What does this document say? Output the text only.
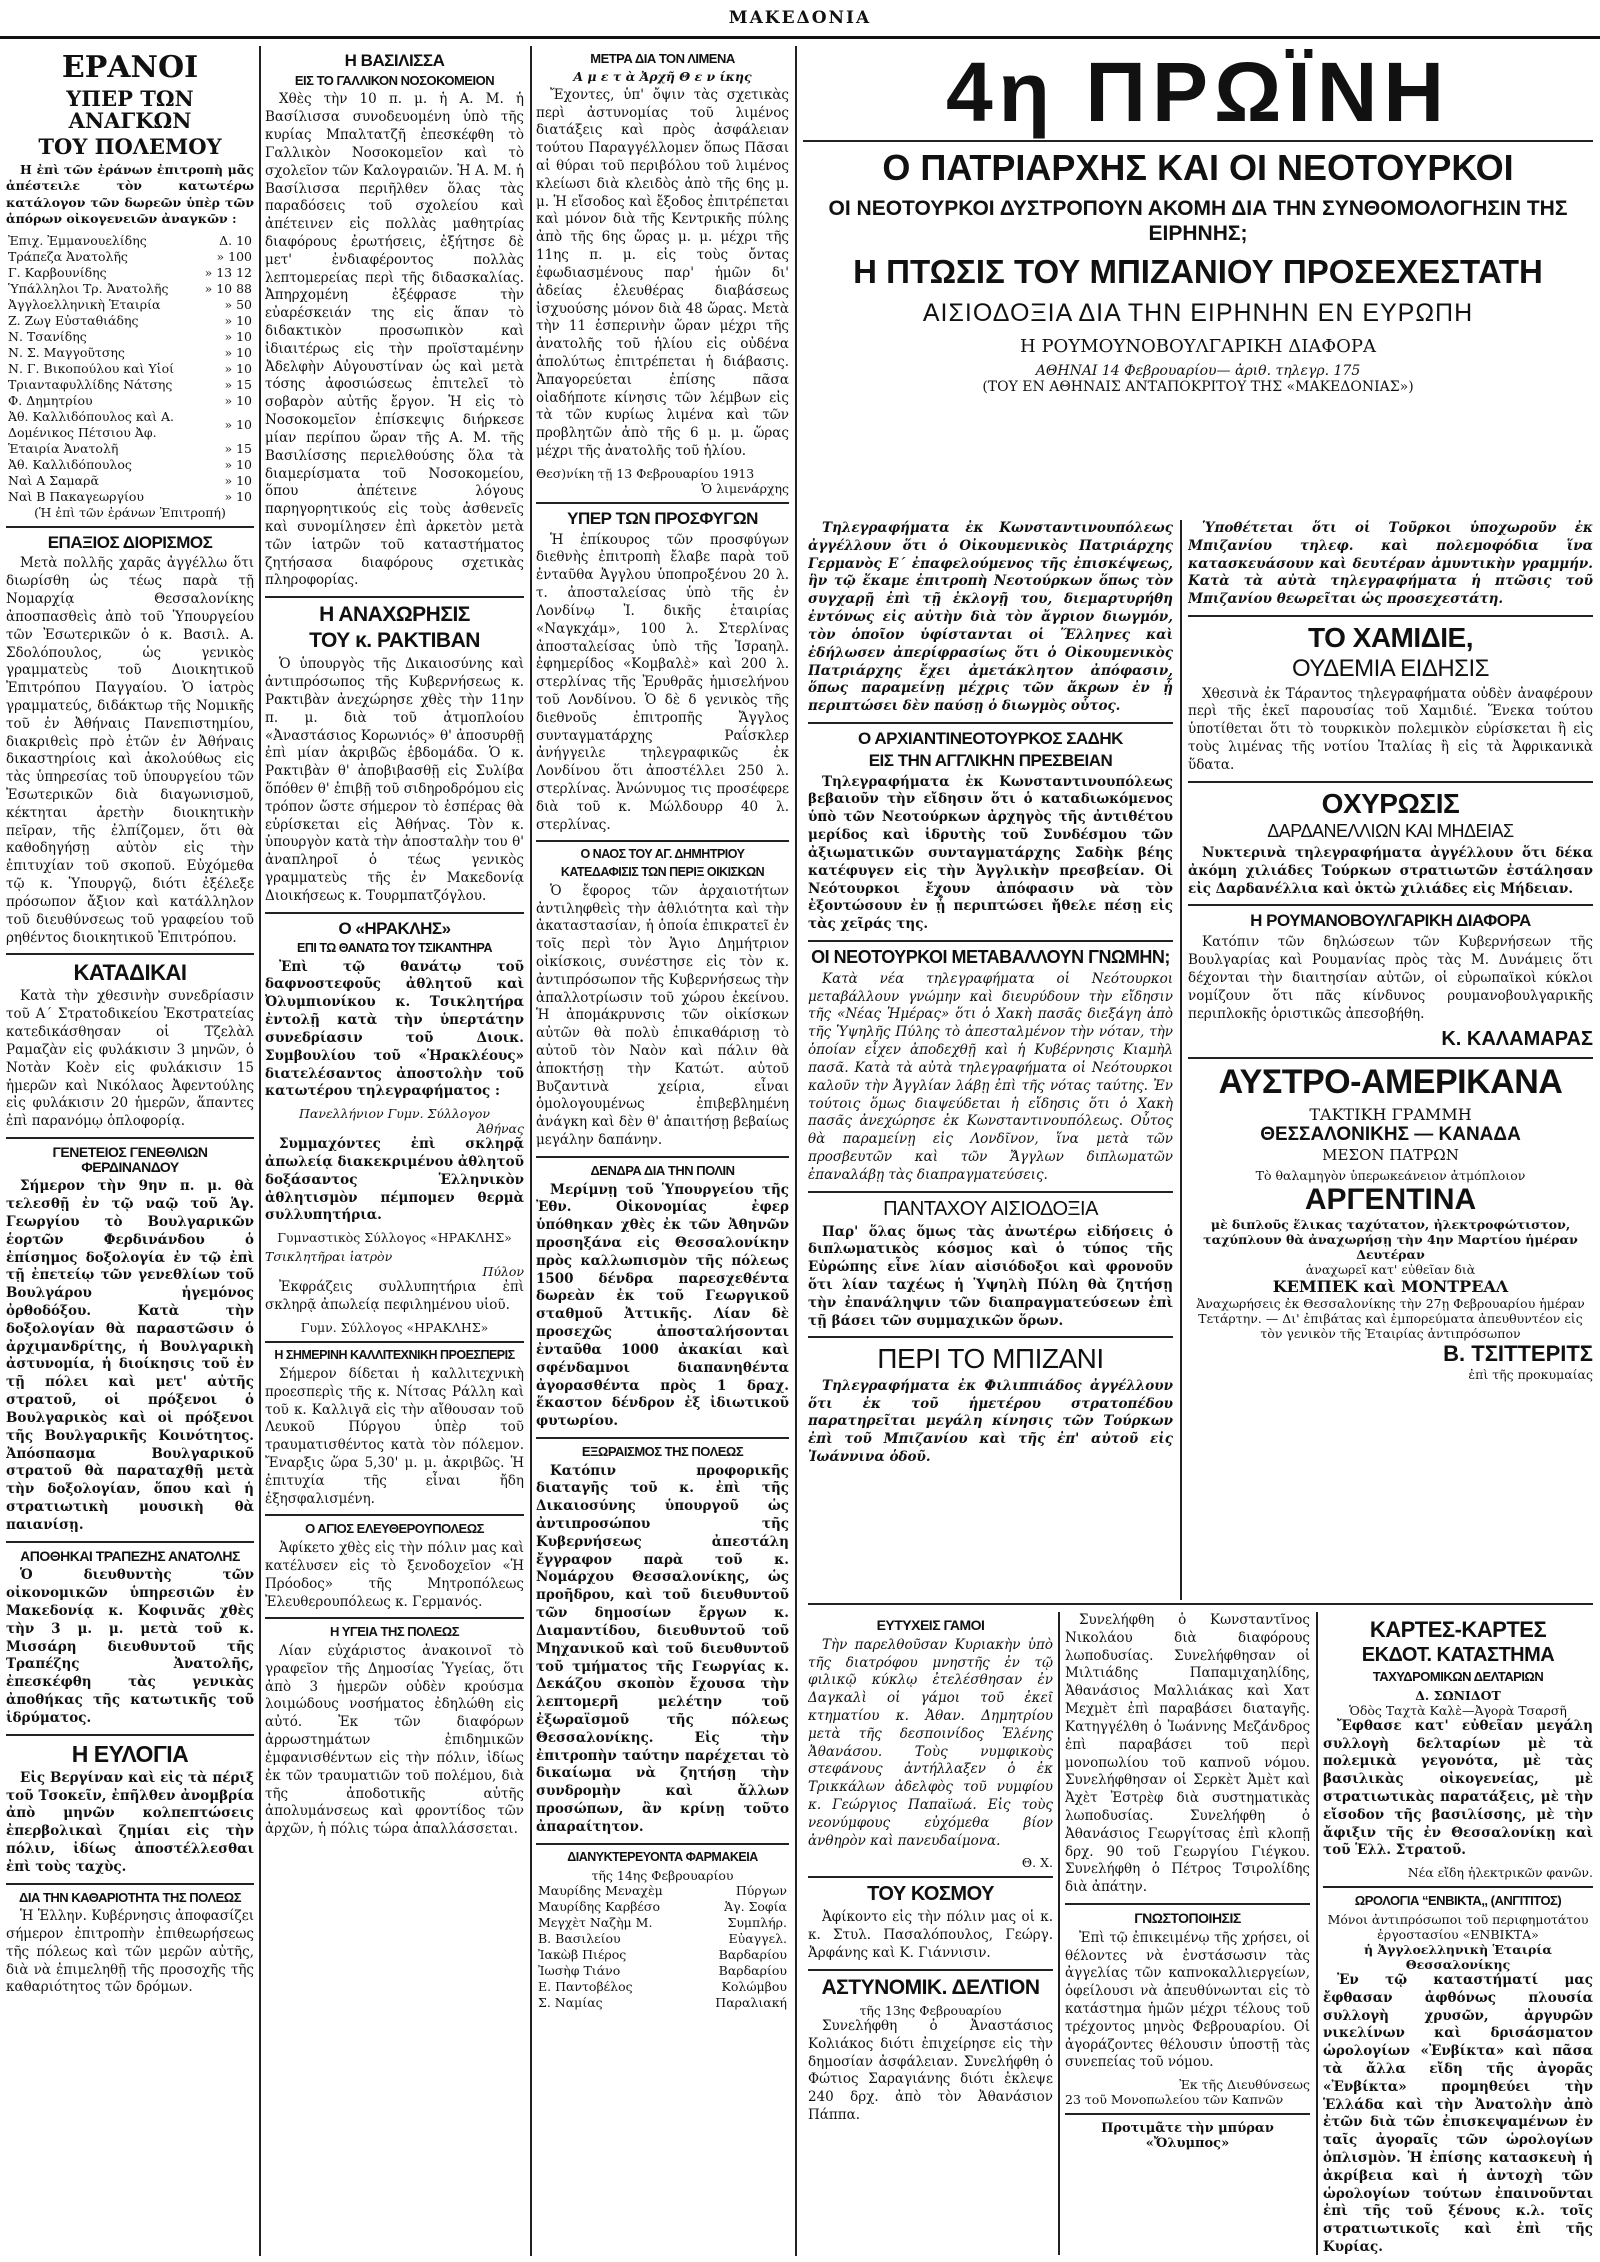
ΜΑΚΕΔΟΝΙΑ
ΕΡΑΝΟΙ
ΥΠΕΡ ΤΩΝ ΑΝΑΓΚΩΝ
ΤΟΥ ΠΟΛΕΜΟΥ

Η ἐπὶ τῶν ἐράνων ἐπιτροπὴ μᾶς ἀπέστειλε τὸν κατωτέρω κατάλογον τῶν δωρεῶν ὑπὲρ τῶν ἀπόρων οἰκογενειῶν ἀναγκῶν :

Ἐπιχ. Ἐμμανουελίδης	Δ. 10
Τράπεζα Ἀνατολῆς	» 100
Γ. Καρβουνίδης	» 13 12
Ὑπάλληλοι Τρ. Ἀνατολῆς	» 10 88
Ἀγγλοελληνικὴ Ἑταιρία	» 50
Ζ. Ζωγ Εὐσταθιάδης	» 10
Ν. Τσανίδης	» 10
Ν. Σ. Μαγγοῦτσης	» 10
Ν. Γ. Βικοπούλου καὶ Υἱοί	» 10
Τριανταφυλλίδης Νάτσης	» 15
Φ. Δημητρίου	» 10
Ἀθ. Καλλιδόπουλος καὶ Α. Δομένικος Πέτσιου Ἀφ.	» 10
Ἑταιρία Ἀνατολῆ	» 15
Ἀθ. Καλλιδόπουλος	» 10
Ναὶ Α Σαμαρᾶ	» 10
Ναὶ Β Πακαγεωργίου	» 10
(Ἡ ἐπὶ τῶν ἐράνων Ἐπιτροπή)
ΕΠΑΞΙΟΣ ΔΙΟΡΙΣΜΟΣ

Μετὰ πολλῆς χαρᾶς ἀγγέλλω ὅτι διωρίσθη ὡς τέως παρὰ τῇ Νομαρχίᾳ Θεσσαλονίκης ἀποσπασθεὶς ἀπὸ τοῦ Ὑπουργείου τῶν Ἐσωτερικῶν ὁ κ. Βασιλ. Α. Σδολόπουλος, ὡς γενικὸς γραμματεὺς τοῦ Διοικητικοῦ Ἐπιτρόπου Παγγαίου. Ὁ ἱατρὸς γραμματεύς, διδάκτωρ τῆς Νομικῆς τοῦ ἐν Ἀθήναις Πανεπιστημίου, διακριθεὶς πρὸ ἐτῶν ἐν Ἀθήναις δικαστηρίοις καὶ ἀκολούθως εἰς τὰς ὑπηρεσίας τοῦ ὑπουργείου τῶν Ἐσωτερικῶν διὰ διαγωνισμοῦ, κέκτηται ἀρετὴν διοικητικὴν πεῖραν, τῆς ἐλπίζομεν, ὅτι θὰ καθοδηγήσῃ αὐτὸν εἰς τὴν ἐπιτυχίαν τοῦ σκοποῦ. Εὐχόμεθα τῷ κ. Ὑπουργῷ, διότι ἐξέλεξε πρόσωπον ἄξιον καὶ κατάλληλον τοῦ διευθύνσεως τοῦ γραφείου τοῦ ρηθέντος διοικητικοῦ Ἐπιτρόπου.

ΚΑΤΑΔΙΚΑΙ

Κατὰ τὴν χθεσινὴν συνεδρίασιν τοῦ Α΄ Στρατοδικείου Ἐκστρατείας κατεδικάσθησαν οἱ Τζελὰλ Ραμαζὰν εἰς φυλάκισιν 3 μηνῶν, ὁ Νοτὰν Κοὲν εἰς φυλάκισιν 15 ἡμερῶν καὶ Νικόλαος Ἀφεντούλης εἰς φυλάκισιν 20 ἡμερῶν, ἅπαντες ἐπὶ παρανόμῳ ὁπλοφορίᾳ.

ΓΕΝΕΤΕΙΟΣ ΓΕΝΕΘΛΙΩΝ ΦΕΡΔΙΝΑΝΔΟΥ

Σήμερον τὴν 9ην π. μ. θὰ τελεσθῇ ἐν τῷ ναῷ τοῦ Ἁγ. Γεωργίου τὸ Βουλγαρικῶν ἑορτῶν Φερδινάνδου ὁ ἐπίσημος δοξολογία ἐν τῷ ἐπὶ τῇ ἐπετείῳ τῶν γενεθλίων τοῦ Βουλγάρου ἡγεμόνος ὀρθοδόξου. Κατὰ τὴν δοξολογίαν θὰ παραστῶσιν ὁ ἀρχιμανδρίτης, ἡ Βουλγαρικὴ ἀστυνομία, ἡ διοίκησις τοῦ ἐν τῇ πόλει καὶ μετ' αὐτῆς στρατοῦ, οἱ πρόξενοι ὁ Βουλγαρικὸς καὶ οἱ πρόξενοι τῆς Βουλγαρικῆς Κοινότητος. Ἀπόσπασμα Βουλγαρικοῦ στρατοῦ θὰ παραταχθῇ μετὰ τὴν δοξολογίαν, ὅπου καὶ ἡ στρατιωτικὴ μουσικὴ θὰ παιανίσῃ.

ΑΠΟΘΗΚΑΙ ΤΡΑΠΕΖΗΣ ΑΝΑΤΟΛΗΣ

Ὁ διευθυντὴς τῶν οἰκονομικῶν ὑπηρεσιῶν ἐν Μακεδονίᾳ κ. Κοφινᾶς χθὲς τὴν 3 μ. μ. μετὰ τοῦ κ. Μισσάρη διευθυντοῦ τῆς Τραπέζης Ἀνατολῆς, ἐπεσκέφθη τὰς γενικὰς ἀποθήκας τῆς κατωτικῆς τοῦ ἱδρύματος.

Η ΕΥΛΟΓΙΑ

Εἰς Βεργίναν καὶ εἰς τὰ πέριξ τοῦ Τσοκεῖν, ἐπῆλθεν ἀνομβρία ἀπὸ μηνῶν κολπεπτώσεις ἐπερβολικαὶ ζημίαι εἰς τὴν πόλιν, ἰδίως ἀποστέλλεσθαι ἐπὶ τοὺς ταχὺς.

ΔΙΑ ΤΗΝ ΚΑΘΑΡΙΟΤΗΤΑ ΤΗΣ ΠΟΛΕΩΣ

Ἡ Ἑλλην. Κυβέρνησις ἀποφασίζει σήμερον ἐπιτροπὴν ἐπιθεωρήσεως τῆς πόλεως καὶ τῶν μερῶν αὐτῆς, διὰ νὰ ἐπιμεληθῇ τῆς προσοχῆς τῆς καθαριότητος τῶν δρόμων.

Η ΒΑΣΙΛΙΣΣΑ
ΕΙΣ ΤΟ ΓΑΛΛΙΚΟΝ ΝΟΣΟΚΟΜΕΙΟΝ

Χθὲς τὴν 10 π. μ. ἡ Α. Μ. ἡ Βασίλισσα συνοδευομένη ὑπὸ τῆς κυρίας Μπαλτατζῆ ἐπεσκέφθη τὸ Γαλλικὸν Νοσοκομεῖον καὶ τὸ σχολεῖον τῶν Καλογραιῶν. Ἡ Α. Μ. ἡ Βασίλισσα περιῆλθεν ὅλας τὰς παραδόσεις τοῦ σχολείου καὶ ἀπέτεινεν εἰς πολλὰς μαθητρίας διαφόρους ἐρωτήσεις, ἐξήτησε δὲ μετ' ἐνδιαφέροντος πολλὰς λεπτομερείας περὶ τῆς διδασκαλίας. Ἀπηρχομένη ἐξέφρασε τὴν εὐαρέσκειάν της εἰς ἅπαν τὸ διδακτικὸν προσωπικὸν καὶ ἰδιαιτέρως εἰς τὴν προϊσταμένην Ἀδελφὴν Αὐγουστίναν ὡς καὶ μετὰ τόσης ἀφοσιώσεως ἐπιτελεῖ τὸ σοβαρὸν αὐτῆς ἔργον. Ἡ εἰς τὸ Νοσοκομεῖον ἐπίσκεψις διήρκεσε μίαν περίπου ὥραν τῆς Α. Μ. τῆς Βασιλίσσης περιελθούσης ὅλα τὰ διαμερίσματα τοῦ Νοσοκομείου, ὅπου ἀπέτεινε λόγους παρηγορητικούς εἰς τοὺς ἀσθενεῖς καὶ συνομίλησεν ἐπὶ ἀρκετὸν μετὰ τῶν ἱατρῶν τοῦ καταστήματος ζητήσασα διαφόρους σχετικὰς πληροφορίας.

Η ΑΝΑΧΩΡΗΣΙΣ
ΤΟΥ κ. ΡΑΚΤΙΒΑΝ

Ὁ ὑπουργὸς τῆς Δικαιοσύνης καὶ ἀντιπρόσωπος τῆς Κυβερνήσεως κ. Ρακτιβὰν ἀνεχώρησε χθὲς τὴν 11ην π. μ. διὰ τοῦ ἀτμοπλοίου «Ἀναστάσιος Κορωνιός» θ' ἀποσυρθῇ ἐπὶ μίαν ἀκριβῶς ἑβδομάδα. Ὁ κ. Ρακτιβὰν θ' ἀποβιβασθῇ εἰς Συλίβα ὅπόθεν θ' ἐπιβῇ τοῦ σιδηροδρόμου εἰς τρόπον ὥστε σήμερον τὸ ἑσπέρας θὰ εὑρίσκεται εἰς Ἀθήνας. Τὸν κ. ὑπουργὸν κατὰ τὴν ἀποσταλὴν του θ' ἀναπληροῖ ὁ τέως γενικὸς γραμματεὺς τῆς ἐν Μακεδονίᾳ Διοικήσεως κ. Τουρμπατζόγλου.

Ο «ΗΡΑΚΛΗΣ»
ΕΠΙ ΤΩ ΘΑΝΑΤΩ ΤΟΥ ΤΣΙΚΑΝΤΗΡΑ

Ἐπὶ τῷ θανάτῳ τοῦ δαφνοστεφοῦς ἀθλητοῦ καὶ Ὀλυμπιονίκου κ. Τσικλητήρα ἐντολῇ κατὰ τὴν ὑπερτάτην συνεδρίασιν τοῦ Διοικ. Συμβουλίου τοῦ «Ἡρακλέους» διατελέσαντος ἀποστολὴν τοῦ κατωτέρου τηλεγραφήματος :

Πανελλήνιον Γυμν. Σύλλογον
Ἀθήνας

Συμμαχόντες ἐπὶ σκληρᾷ ἀπωλείᾳ διακεκριμένου ἀθλητοῦ δοξάσαντος Ἑλληνικὸν ἀθλητισμὸν πέμπομεν θερμὰ συλλυπητήρια.

Γυμναστικὸς Σύλλογος «ΗΡΑΚΛΗΣ»
Τσικλητῆραι ἱατρὸν
Πύλον

Ἐκφράζεις συλλυπητήρια ἐπὶ σκληρᾷ ἀπωλείᾳ πεφιλημένου υἱοῦ.

Γυμν. Σύλλογος «ΗΡΑΚΛΗΣ»
Η ΣΗΜΕΡΙΝΗ ΚΑΛΛΙΤΕΧΝΙΚΗ ΠΡΟΕΣΠΕΡΙΣ

Σήμερον δίδεται ἡ καλλιτεχνικὴ προεσπερὶς τῆς κ. Νίτσας Ράλλη καὶ τοῦ κ. Καλλιγᾶ εἰς τὴν αἴθουσαν τοῦ Λευκοῦ Πύργου ὑπὲρ τοῦ τραυματισθέντος κατὰ τὸν πόλεμον. Ἔναρξις ὥρα 5,30' μ. μ. ἀκριβῶς. Ἡ ἐπιτυχία τῆς εἶναι ἤδη ἐξησφαλισμένη.

Ο ΑΓΙΟΣ ΕΛΕΥΘΕΡΟΥΠΟΛΕΩΣ

Ἀφίκετο χθὲς εἰς τὴν πόλιν μας καὶ κατέλυσεν εἰς τὸ ξενοδοχεῖον «Ἡ Πρόοδος» τῆς Μητροπόλεως Ἐλευθερουπόλεως κ. Γερμανός.

Η ΥΓΕΙΑ ΤΗΣ ΠΟΛΕΩΣ

Λίαν εὐχάριστος ἀνακοινοῖ τὸ γραφεῖον τῆς Δημοσίας Ὑγείας, ὅτι ἀπὸ 3 ἡμερῶν οὐδὲν κρούσμα λοιμώδους νοσήματος ἐδηλώθη εἰς αὐτό. Ἐκ τῶν διαφόρων ἀρρωστημάτων ἐπιδημικῶν ἐμφανισθέντων εἰς τὴν πόλιν, ἰδίως ἐκ τῶν τραυματιῶν τοῦ πολέμου, διὰ τῆς ἀποδοτικῆς αὐτῆς ἀπολυμάνσεως καὶ φροντίδος τῶν ἀρχῶν, ἡ πόλις τώρα ἀπαλλάσσεται.

ΜΕΤΡΑ ΔΙΑ ΤΟΝ ΛΙΜΕΝΑ
Α μ ε τ ὰ Ἀρχῆ Θ ε ν ίκης

Ἔχοντες, ὑπ' ὄψιν τὰς σχετικὰς περὶ ἀστυνομίας τοῦ λιμένος διατάξεις καὶ πρὸς ἀσφάλειαν τούτου Παραγγέλλομεν ὅπως Πᾶσαι αἱ θύραι τοῦ περιβόλου τοῦ λιμένος κλείωσι διὰ κλειδὸς ἀπὸ τῆς 6ης μ. μ. Ἡ εἴσοδος καὶ ἔξοδος ἐπιτρέπεται καὶ μόνον διὰ τῆς Κεντρικῆς πύλης ἀπὸ τῆς 6ης ὥρας μ. μ. μέχρι τῆς 11ης π. μ. εἰς τοὺς ὄντας ἐφωδιασμένους παρ' ἡμῶν δι' ἀδείας ἐλευθέρας διαβάσεως ἰσχυούσης μόνον διὰ 48 ὥρας. Μετὰ τὴν 11 ἑσπερινὴν ὥραν μέχρι τῆς ἀνατολῆς τοῦ ἡλίου εἰς οὐδένα ἀπολύτως ἐπιτρέπεται ἡ διάβασις. Ἀπαγορεύεται ἐπίσης πᾶσα οἰαδήποτε κίνησις τῶν λέμβων εἰς τὰ τῶν κυρίως λιμένα καὶ τῶν προβλητῶν ἀπὸ τῆς 6 μ. μ. ὥρας μέχρι τῆς ἀνατολῆς τοῦ ἡλίου.

Θεσ)νίκη τῇ 13 Φεβρουαρίου 1913
Ὁ λιμενάρχης
ΥΠΕΡ ΤΩΝ ΠΡΟΣΦΥΓΩΝ

Ἡ ἐπίκουρος τῶν προσφύγων διεθνὴς ἐπιτροπὴ ἔλαβε παρὰ τοῦ ἐνταῦθα Ἀγγλου ὑποπροξένου 20 λ. τ. ἀποσταλείσας ὑπὸ τῆς ἐν Λονδίνῳ Ἰ. δικῆς ἑταιρίας «Ναγκχάμ», 100 λ. Στερλίνας ἀποσταλείσας ὑπὸ τῆς Ἰσραηλ. ἐφημερίδος «Κομβαλὲ» καὶ 200 λ. στερλίνας τῆς Ἐρυθρᾶς ἡμισελήνου τοῦ Λονδίνου. Ὁ δὲ δ γενικὸς τῆς διεθνοῦς ἐπιτροπῆς Ἄγγλος συνταγματάρχης Ραΐσκλερ ἀνήγγειλε τηλεγραφικῶς ἐκ Λονδίνου ὅτι ἀποστέλλει 250 λ. στερλίνας. Ἀνώνυμος τις προσέφερε διὰ τοῦ κ. Μώλδουρρ 40 λ. στερλίνας.

Ο ΝΑΟΣ ΤΟΥ ΑΓ. ΔΗΜΗΤΡΙΟΥ
ΚΑΤΕΔΑΦΙΣΙΣ ΤΩΝ ΠΕΡΙΞ ΟΙΚΙΣΚΩΝ

Ὁ ἔφορος τῶν ἀρχαιοτήτων ἀντιληφθεὶς τὴν ἀθλιότητα καὶ τὴν ἀκαταστασίαν, ἡ ὁποία ἐπικρατεῖ ἐν τοῖς περὶ τὸν Ἁγιο Δημήτριον οἰκίσκοις, συνέστησε εἰς τὸν κ. ἀντιπρόσωπον τῆς Κυβερνήσεως τὴν ἀπαλλοτρίωσιν τοῦ χώρου ἐκείνου. Ἡ ἀπομάκρυνσις τῶν οἰκίσκων αὐτῶν θὰ πολὺ ἐπικαθάρισῃ τὸ αὐτοῦ τὸν Ναὸν καὶ πάλιν θὰ ἀποκτήσῃ τὴν Κατώτ. αὐτοῦ Βυζαντινὰ χείρια, εἶναι ὁμολογουμένως ἐπιβεβλημένη ἀνάγκη καὶ δὲν θ' ἀπαιτήσῃ βεβαίως μεγάλην δαπάνην.

ΔΕΝΔΡΑ ΔΙΑ ΤΗΝ ΠΟΛΙΝ

Μερίμνῃ τοῦ Ὑπουργείου τῆς Ἐθν. Οἰκονομίας ἐφερ ὑπόθηκαν χθὲς ἐκ τῶν Ἀθηνῶν προσηξάνα εἰς Θεσσαλονίκην πρὸς καλλωπισμὸν τῆς πόλεως 1500 δένδρα παρεσχεθέντα δωρεὰν ἐκ τοῦ Γεωργικοῦ σταθμοῦ Ἀττικῆς. Λίαν δὲ προσεχῶς ἀποσταλήσονται ἐνταῦθα 1000 ἀκακίαι καὶ σφένδαμνοι διαπανηθέντα ἀγορασθέντα πρὸς 1 δραχ. ἕκαστον δένδρον ἐξ ἰδιωτικοῦ φυτωρίου.

ΕΞΩΡΑΙΣΜΟΣ ΤΗΣ ΠΟΛΕΩΣ

Κατόπιν προφορικῆς διαταγῆς τοῦ κ. ἐπὶ τῆς Δικαιοσύνης ὑπουργοῦ ὡς ἀντιπροσώπου τῆς Κυβερνήσεως ἀπεστάλη ἔγγραφον παρὰ τοῦ κ. Νομάρχου Θεσσαλονίκης, ὡς προῆδρου, καὶ τοῦ διευθυντοῦ τῶν δημοσίων ἔργων κ. Διαμαντίδου, διευθυντοῦ τοῦ Μηχανικοῦ καὶ τοῦ διευθυντοῦ τοῦ τμήματος τῆς Γεωργίας κ. Δεκάζου σκοπὸν ἔχουσα τὴν λεπτομερῆ μελέτην τοῦ ἐξωραϊσμοῦ τῆς πόλεως Θεσσαλονίκης. Εἰς τὴν ἐπιτροπὴν ταύτην παρέχεται τὸ δικαίωμα νὰ ζητήσῃ τὴν συνδρομὴν καὶ ἄλλων προσώπων, ἂν κρίνῃ τοῦτο ἀπαραίτητον.

ΔΙΑΝΥΚΤΕΡΕΥΟΝΤΑ ΦΑΡΜΑΚΕΙΑ
τῆς 14ης Φεβρουαρίου
Μαυρίδης Μεναχὲμ	Πύργων
Μαυρίδης Καρβέσο	Ἁγ. Σοφία
Μεγχὲτ Ναζὴμ Μ.	Συμπλήρ.
Β. Βασιλείου	Εὐαγγελ.
Ἰακὼβ Πιέρος	Βαρδαρίου
Ἰωσὴφ Τιάνο	Βαρδαρίου
Ε. Παντοβέλος	Κολώμβου
Σ. Ναμίας	Παραλιακή
4η ΠΡΩΪΝΗ
Ο ΠΑΤΡΙΑΡΧΗΣ ΚΑΙ ΟΙ ΝΕΟΤΟΥΡΚΟΙ
ΟΙ ΝΕΟΤΟΥΡΚΟΙ ΔΥΣΤΡΟΠΟΥΝ ΑΚΟΜΗ ΔΙΑ ΤΗΝ ΣΥΝΘΟΜΟΛΟΓΗΣΙΝ ΤΗΣ ΕΙΡΗΝΗΣ;
Η ΠΤΩΣΙΣ ΤΟΥ ΜΠΙΖΑΝΙΟΥ ΠΡΟΣΕΧΕΣΤΑΤΗ
ΑΙΣΙΟΔΟΞΙΑ ΔΙΑ ΤΗΝ ΕΙΡΗΝΗΝ ΕΝ ΕΥΡΩΠΗ
Η ΡΟΥΜΟΥΝΟΒΟΥΛΓΑΡΙΚΗ ΔΙΑΦΟΡΑ
ΑΘΗΝΑΙ 14 Φεβρουαρίου— ἀριθ. τηλεγρ. 175
(ΤΟΥ ΕΝ ΑΘΗΝΑΙΣ ΑΝΤΑΠΟΚΡΙΤΟΥ ΤΗΣ «ΜΑΚΕΔΟΝΙΑΣ»)

Τηλεγραφήματα ἐκ Κωνσταντινουπόλεως ἀγγέλλουν ὅτι ὁ Οἰκουμενικὸς Πατριάρχης Γερμανὸς Ε΄ ἐπαφελούμενος τῆς ἐπισκέψεως, ἣν τῷ ἔκαμε ἐπιτροπὴ Νεοτούρκων ὅπως τὸν συγχαρῇ ἐπὶ τῇ ἐκλογῇ του, διεμαρτυρήθη ἐντόνως εἰς αὐτὴν διὰ τὸν ἄγριον διωγμόν, τὸν ὁποῖον ὑφίστανται οἱ Ἕλληνες καὶ ἐδήλωσεν ἀπερίφρασίως ὅτι ὁ Οἰκουμενικὸς Πατριάρχης ἔχει ἀμετάκλητον ἀπόφασιν, ὅπως παραμείνῃ μέχρις τῶν ἄκρων ἐν ᾗ περιπτώσει δὲν παύσῃ ὁ διωγμὸς οὗτος.

Ο ΑΡΧΙΑΝΤΙΝΕΟΤΟΥΡΚΟΣ ΣΑΔΗΚ
ΕΙΣ ΤΗΝ ΑΓΓΛΙΚΗΝ ΠΡΕΣΒΕΙΑΝ

Τηλεγραφήματα ἐκ Κωνσταντινουπόλεως βεβαιοῦν τὴν εἴδησιν ὅτι ὁ καταδιωκόμενος ὑπὸ τῶν Νεοτούρκων ἀρχηγὸς τῆς ἀντιθέτου μερίδος καὶ ἱδρυτὴς τοῦ Συνδέσμου τῶν ἀξιωματικῶν συνταγματάρχης Σαδὴκ βέης κατέφυγεν εἰς τὴν Ἀγγλικὴν πρεσβείαν. Οἱ Νεότουρκοι ἔχουν ἀπόφασιν νὰ τὸν ἐξοντώσουν ἐν ᾗ περιπτώσει ἤθελε πέσῃ εἰς τὰς χεῖράς της.

ΟΙ ΝΕΟΤΟΥΡΚΟΙ ΜΕΤΑΒΑΛΛΟΥΝ ΓΝΩΜΗΝ;

Κατὰ νέα τηλεγραφήματα οἱ Νεότουρκοι μεταβάλλουν γνώμην καὶ διευρύδουν τὴν εἴδησιν τῆς «Νέας Ἡμέρας» ὅτι ὁ Χακὴ πασᾶς διεξάγη ἀπὸ τῆς Ὑψηλῆς Πύλης τὸ ἀπεσταλμένον τὴν νόταν, τὴν ὁποίαν εἶχεν ἀποδεχθῇ καὶ ἡ Κυβέρνησις Κιαμὴλ πασᾶ. Κατὰ τὰ αὐτὰ τηλεγραφήματα οἱ Νεότουρκοι καλοῦν τὴν Ἀγγλίαν λάβῃ ἐπὶ τῆς νότας ταύτης. Ἐν τούτοις ὅμως διαψεύδεται ἡ εἴδησις ὅτι ὁ Χακὴ πασᾶς ἀνεχώρησε ἐκ Κωνσταντινουπόλεως. Οὗτος θὰ παραμείνῃ εἰς Λονδῖνον, ἵνα μετὰ τῶν προσβευτῶν καὶ τῶν Ἄγγλων διπλωματῶν ἐπαναλάβῃ τὰς διαπραγματεύσεις.

ΠΑΝΤΑΧΟΥ ΑΙΣΙΟΔΟΞΙΑ

Παρ' ὅλας ὅμως τὰς ἀνωτέρω εἰδήσεις ὁ διπλωματικὸς κόσμος καὶ ὁ τύπος τῆς Εὐρώπης εἶνε λίαν αἰσιόδοξοι καὶ φρονοῦν ὅτι λίαν ταχέως ἡ Ὑψηλὴ Πύλη θὰ ζητήσῃ τὴν ἐπανάληψιν τῶν διαπραγματεύσεων ἐπὶ τῇ βάσει τῶν συμμαχικῶν ὅρων.

ΠΕΡΙ ΤΟ ΜΠΙΖΑΝΙ

Τηλεγραφήματα ἐκ Φιλιππιάδος ἀγγέλλουν ὅτι ἐκ τοῦ ἡμετέρου στρατοπέδου παρατηρεῖται μεγάλη κίνησις τῶν Τούρκων ἐπὶ τοῦ Μπιζανίου καὶ τῆς ἐπ' αὐτοῦ εἰς Ἰωάννινα ὁδοῦ.

Ὑποθέτεται ὅτι οἱ Τοῦρκοι ὑποχωροῦν ἐκ Μπιζανίου τηλεφ. καὶ πολεμοφόδια ἵνα κατασκευάσουν καὶ δευτέραν ἀμυντικὴν γραμμήν. Κατὰ τὰ αὐτὰ τηλεγραφήματα ἡ πτῶσις τοῦ Μπιζανίου θεωρεῖται ὡς προσεχεστάτη.

ΤΟ ΧΑΜΙΔΙΕ,
ΟΥΔΕΜΙΑ ΕΙΔΗΣΙΣ

Χθεσινὰ ἐκ Τάραντος τηλεγραφήματα οὐδὲν ἀναφέρουν περὶ τῆς ἐκεῖ παρουσίας τοῦ Χαμιδιέ. Ἕνεκα τούτου ὑποτίθεται ὅτι τὸ τουρκικὸν πολεμικὸν εὑρίσκεται ἢ εἰς τοὺς λιμένας τῆς νοτίου Ἰταλίας ἢ εἰς τὰ Ἀφρικανικὰ ὕδατα.

ΟΧΥΡΩΣΙΣ
ΔΑΡΔΑΝΕΛΛΙΩΝ ΚΑΙ ΜΗΔΕΙΑΣ

Νυκτερινὰ τηλεγραφήματα ἀγγέλλουν ὅτι δέκα ἀκόμη χιλιάδες Τούρκων στρατιωτῶν ἐστάλησαν εἰς Δαρδανέλλια καὶ ὀκτὼ χιλιάδες εἰς Μήδειαν.

Η ΡΟΥΜΑΝΟΒΟΥΛΓΑΡΙΚΗ ΔΙΑΦΟΡΑ

Κατόπιν τῶν δηλώσεων τῶν Κυβερνήσεων τῆς Βουλγαρίας καὶ Ρουμανίας πρὸς τὰς Μ. Δυνάμεις ὅτι δέχονται τὴν διαιτησίαν αὐτῶν, οἱ εὐρωπαϊκοὶ κύκλοι νομίζουν ὅτι πᾶς κίνδυνος ρουμανοβουλγαρικῆς περιπλοκῆς ὁριστικῶς ἀπεσοβήθη.

Κ. ΚΑΛΑΜΑΡΑΣ
ΑΥΣΤΡΟ-ΑΜΕΡΙΚΑΝΑ
ΤΑΚΤΙΚΗ ΓΡΑΜΜΗ
ΘΕΣΣΑΛΟΝΙΚΗΣ — ΚΑΝΑΔΑ
ΜΕΣΟΝ ΠΑΤΡΩΝ
Τὸ θαλαμηγὸν ὑπερωκεάνειον ἀτμόπλοιον
ΑΡΓΕΝΤΙΝΑ
μὲ διπλοῦς ἕλικας ταχύτατον, ἠλεκτροφώτιστον, ταχύπλουν θὰ ἀναχωρήσῃ τὴν 4ην Μαρτίου ἡμέραν Δευτέραν
ἀναχωρεῖ κατ' εὐθεῖαν διὰ
ΚΕΜΠΕΚ καὶ ΜΟΝΤΡΕΑΛ
Ἀναχωρήσεις ἐκ Θεσσαλονίκης τὴν 27ῃ Φεβρουαρίου ἡμέραν Τετάρτην. — Δι' ἐπιβάτας καὶ ἐμπορεύματα ἀπευθυντέον εἰς τὸν γενικὸν τῆς Ἑταιρίας ἀντιπρόσωπον
Β. ΤΣΙΤΤΕΡΙΤΣ
ἐπὶ τῆς προκυμαίας
ΕΥΤΥΧΕΙΣ ΓΑΜΟΙ

Τὴν παρελθοῦσαν Κυριακὴν ὑπὸ τῆς διατρόφου μνηστῆς ἐν τῷ φιλικῷ κύκλῳ ἐτελέσθησαν ἐν Δαγκαλὶ οἱ γάμοι τοῦ ἐκεῖ κτηματίου κ. Ἀθαν. Δημητρίου μετὰ τῆς δεσποινίδος Ἑλένης Ἀθανάσου. Τοὺς νυμφικοὺς στεφάνους ἀντήλλαξεν ὁ ἐκ Τρικκάλων ἀδελφὸς τοῦ νυμφίου κ. Γεώργιος Παπαϊωά. Εἰς τοὺς νεονύμφους εὐχόμεθα βίον ἀνθηρὸν καὶ πανευδαίμονα.

Θ. Χ.
ΤΟΥ ΚΟΣΜΟΥ

Ἀφίκοντο εἰς τὴν πόλιν μας οἱ κ. κ. Στυλ. Πασαλόπουλος, Γεώργ. Ἀρφάνης καὶ Κ. Γιάννισιν.

ΑΣΤΥΝΟΜΙΚ. ΔΕΛΤΙΟΝ
τῆς 13ης Φεβρουαρίου

Συνελήφθη ὁ Ἀναστάσιος Κολιάκος διότι ἐπιχείρησε εἰς τὴν δημοσίαν ἀσφάλειαν. Συνελήφθη ὁ Φώτιος Σαραγιάνης διότι ἐκλεψε 240 δρχ. ἀπὸ τὸν Ἀθανάσιον Πάππα.

Συνελήφθη ὁ Κωνσταντῖνος Νικολάου διὰ διαφόρους λωποδυσίας. Συνελήφθησαν οἱ Μιλτιάδης Παπαμιχαηλίδης, Ἀθανάσιος Μαλλιάκας καὶ Χατ Μεχμὲτ ἐπὶ παραβάσει διαταγῆς. Κατηγγέλθη ὁ Ἰωάννης Μεζάνδρος ἐπὶ παραβάσει τοῦ περὶ μονοπωλίου τοῦ καπνοῦ νόμου. Συνελήφθησαν οἱ Σερκὲτ Ἀμὲτ καὶ Ἀχὲτ Ἐστρὲφ διὰ συστηματικὰς λωποδυσίας. Συνελήφθη ὁ Ἀθανάσιος Γεωργίτσας ἐπὶ κλοπῇ δρχ. 90 τοῦ Γεωργίου Γιέγκου. Συνελήφθη ὁ Πέτρος Τσιρολίδης διὰ ἀπάτην.

ΓΝΩΣΤΟΠΟΙΗΣΙΣ

Ἐπὶ τῷ ἐπικειμένῳ τῆς χρήσει, οἱ θέλοντες νὰ ἐνστάσωσιν τὰς ἀγγελίας τῶν καπνοκαλλιεργείων, ὁφείλουσι νὰ ἀπευθύνωνται εἰς τὸ κατάστημα ἡμῶν μέχρι τέλους τοῦ τρέχοντος μηνὸς Φεβρουαρίου. Οἱ ἀγοράζοντες θέλουσιν ὑποστῇ τὰς συνεπείας τοῦ νόμου.

Ἐκ τῆς Διευθύνσεως
23 τοῦ Μονοπωλείου τῶν Καπνῶν
Προτιμᾶτε τὴν μπύραν «Ὄλυμπος»
ΚΑΡΤΕΣ-ΚΑΡΤΕΣ
ΕΚΔΟΤ. ΚΑΤΑΣΤΗΜΑ
ΤΑΧΥΔΡΟΜΙΚΩΝ ΔΕΛΤΑΡΙΩΝ
Δ. ΣΩΝΙΔΟΤ
Ὁδὸς Ταχτὰ Καλὲ—Ἀγορὰ Τσαρσῆ

Ἔφθασε κατ' εὐθεῖαν μεγάλη συλλογὴ δελταρίων μὲ τὰ πολεμικὰ γεγονότα, μὲ τὰς βασιλικὰς οἰκογενείας, μὲ στρατιωτικὰς παρατάξεις, μὲ τὴν εἴσοδον τῆς βασιλίσσης, μὲ τὴν ἄφιξιν τῆς ἐν Θεσσαλονίκῃ καὶ τοῦ Ἑλλ. Στρατοῦ.

Νέα εἴδη ἠλεκτρικῶν φανῶν.
ΩΡΟΛΟΓΙΑ “ΕΝΒΙΚΤΑ,, (ΑΝΓΙΤΙΤΟΣ)
Μόνοι ἀντιπρόσωποι τοῦ περιφημοτάτου ἐργοστασίου «ΕΝΒΙΚΤΑ»
ἡ Ἀγγλοελληνικὴ Ἑταιρία Θεσσαλονίκης

Ἐν τῷ καταστήματί μας ἔφθασαν ἀφθόνως πλουσία συλλογὴ χρυσῶν, ἀργυρῶν νικελίνων καὶ δρισάσματον ὡρολογίων «Ἐνβίκτα» καὶ πᾶσα τὰ ἄλλα εἴδη τῆς ἀγορᾶς «Ἐνβίκτα» προμηθεύει τὴν Ἑλλάδα καὶ τὴν Ἀνατολὴν ἀπὸ ἐτῶν διὰ τῶν ἐπισκεψαμένων ἐν ταῖς ἀγοραῖς τῶν ὡρολογίων ὁπλισμὸν. Ἡ ἐπίσης κατασκευὴ ἡ ἀκρίβεια καὶ ἡ ἀντοχὴ τῶν ὡρολογίων τούτων ἐπαινοῦνται ἐπὶ τῆς τοῦ ξένους κ.λ. τοῖς στρατιωτικοῖς καὶ ἐπὶ τῆς Κυρίας.
